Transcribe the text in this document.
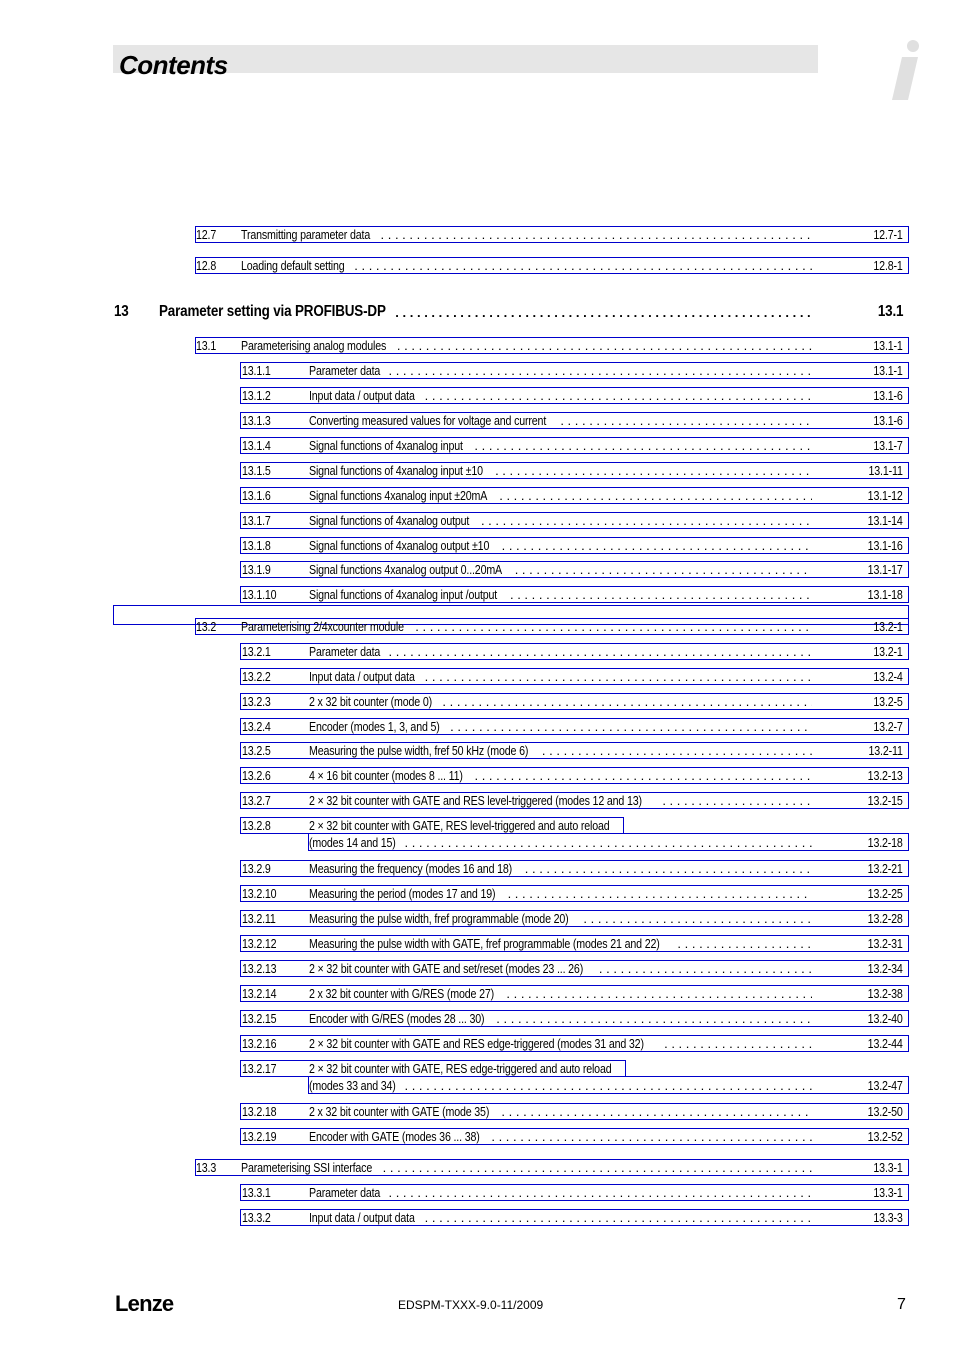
Contents
13 Parameter setting via PROFIBUS-DP . . .	13.1
12.7 Transmitting parameter data . . .	12.7-1
12.8 Loading default setting . . .	12.8-1
13.1 Parameterising analog modules . . .	13.1-1
13.1.1	Parameter data . . .	13.1-1
13.1.2	Input data / output data . . .	13.1-6
13.1.3	Converting measured values for voltage and current . . .	13.1-6
13.1.4	Signal functions of 4xanalog input . . .	13.1-7
13.1.5	Signal functions of 4xanalog input ±10 . . .	13.1-11
13.1.6	Signal functions 4xanalog input ±20mA . . .	13.1-12
13.1.7	Signal functions of 4xanalog output . . .	13.1-14
13.1.8	Signal functions of 4xanalog output ±10 . . .	13.1-16
13.1.9	Signal functions 4xanalog output 0...20mA . . .	13.1-17
13.1.10	Signal functions of 4xanalog input /output . . .	13.1-18
13.2 Parameterising 2/4xcounter module . . .	13.2-1
13.2.1	Parameter data . . .	13.2-1
13.2.2	Input data / output data . . .	13.2-4
13.2.3	2 x 32 bit counter (mode 0) . . .	13.2-5
13.2.4	Encoder (modes 1, 3, and 5) . . .	13.2-7
13.2.5	Measuring the pulse width, fref 50 kHz (mode 6) . . .	13.2-11
13.2.6	4 × 16 bit counter (modes 8 ... 11) . . .	13.2-13
13.2.7	2 × 32 bit counter with GATE and RES level-triggered (modes 12 and 13) . . .	13.2-15
13.2.8	2 × 32 bit counter with GATE, RES level-triggered and auto reload
(modes 14 and 15) . . .	13.2-18
13.2.9	Measuring the frequency (modes 16 and 18) . . .	13.2-21
13.2.10	Measuring the period (modes 17 and 19) . . .	13.2-25
13.2.11	Measuring the pulse width, fref programmable (mode 20) . . .	13.2-28
13.2.12	Measuring the pulse width with GATE, fref programmable (modes 21 and 22) . . .	13.2-31
13.2.13	2 × 32 bit counter with GATE and set/reset (modes 23 ... 26) . . .	13.2-34
13.2.14	2 x 32 bit counter with G/RES (mode 27) . . .	13.2-38
13.2.15	Encoder with G/RES (modes 28 ... 30) . . .	13.2-40
13.2.16	2 × 32 bit counter with GATE and RES edge-triggered (modes 31 and 32) . . .	13.2-44
13.2.17	2 × 32 bit counter with GATE, RES edge-triggered and auto reload
(modes 33 and 34) . . .	13.2-47
13.2.18	2 x 32 bit counter with GATE (mode 35) . . .	13.2-50
13.2.19	Encoder with GATE (modes 36 ... 38) . . .	13.2-52
13.3 Parameterising SSI interface . . .	13.3-1
13.3.1	Parameter data . . .	13.3-1
13.3.2	Input data / output data . . .	13.3-3
Lenze	EDSPM-TXXX-9.0-11/2009	7
